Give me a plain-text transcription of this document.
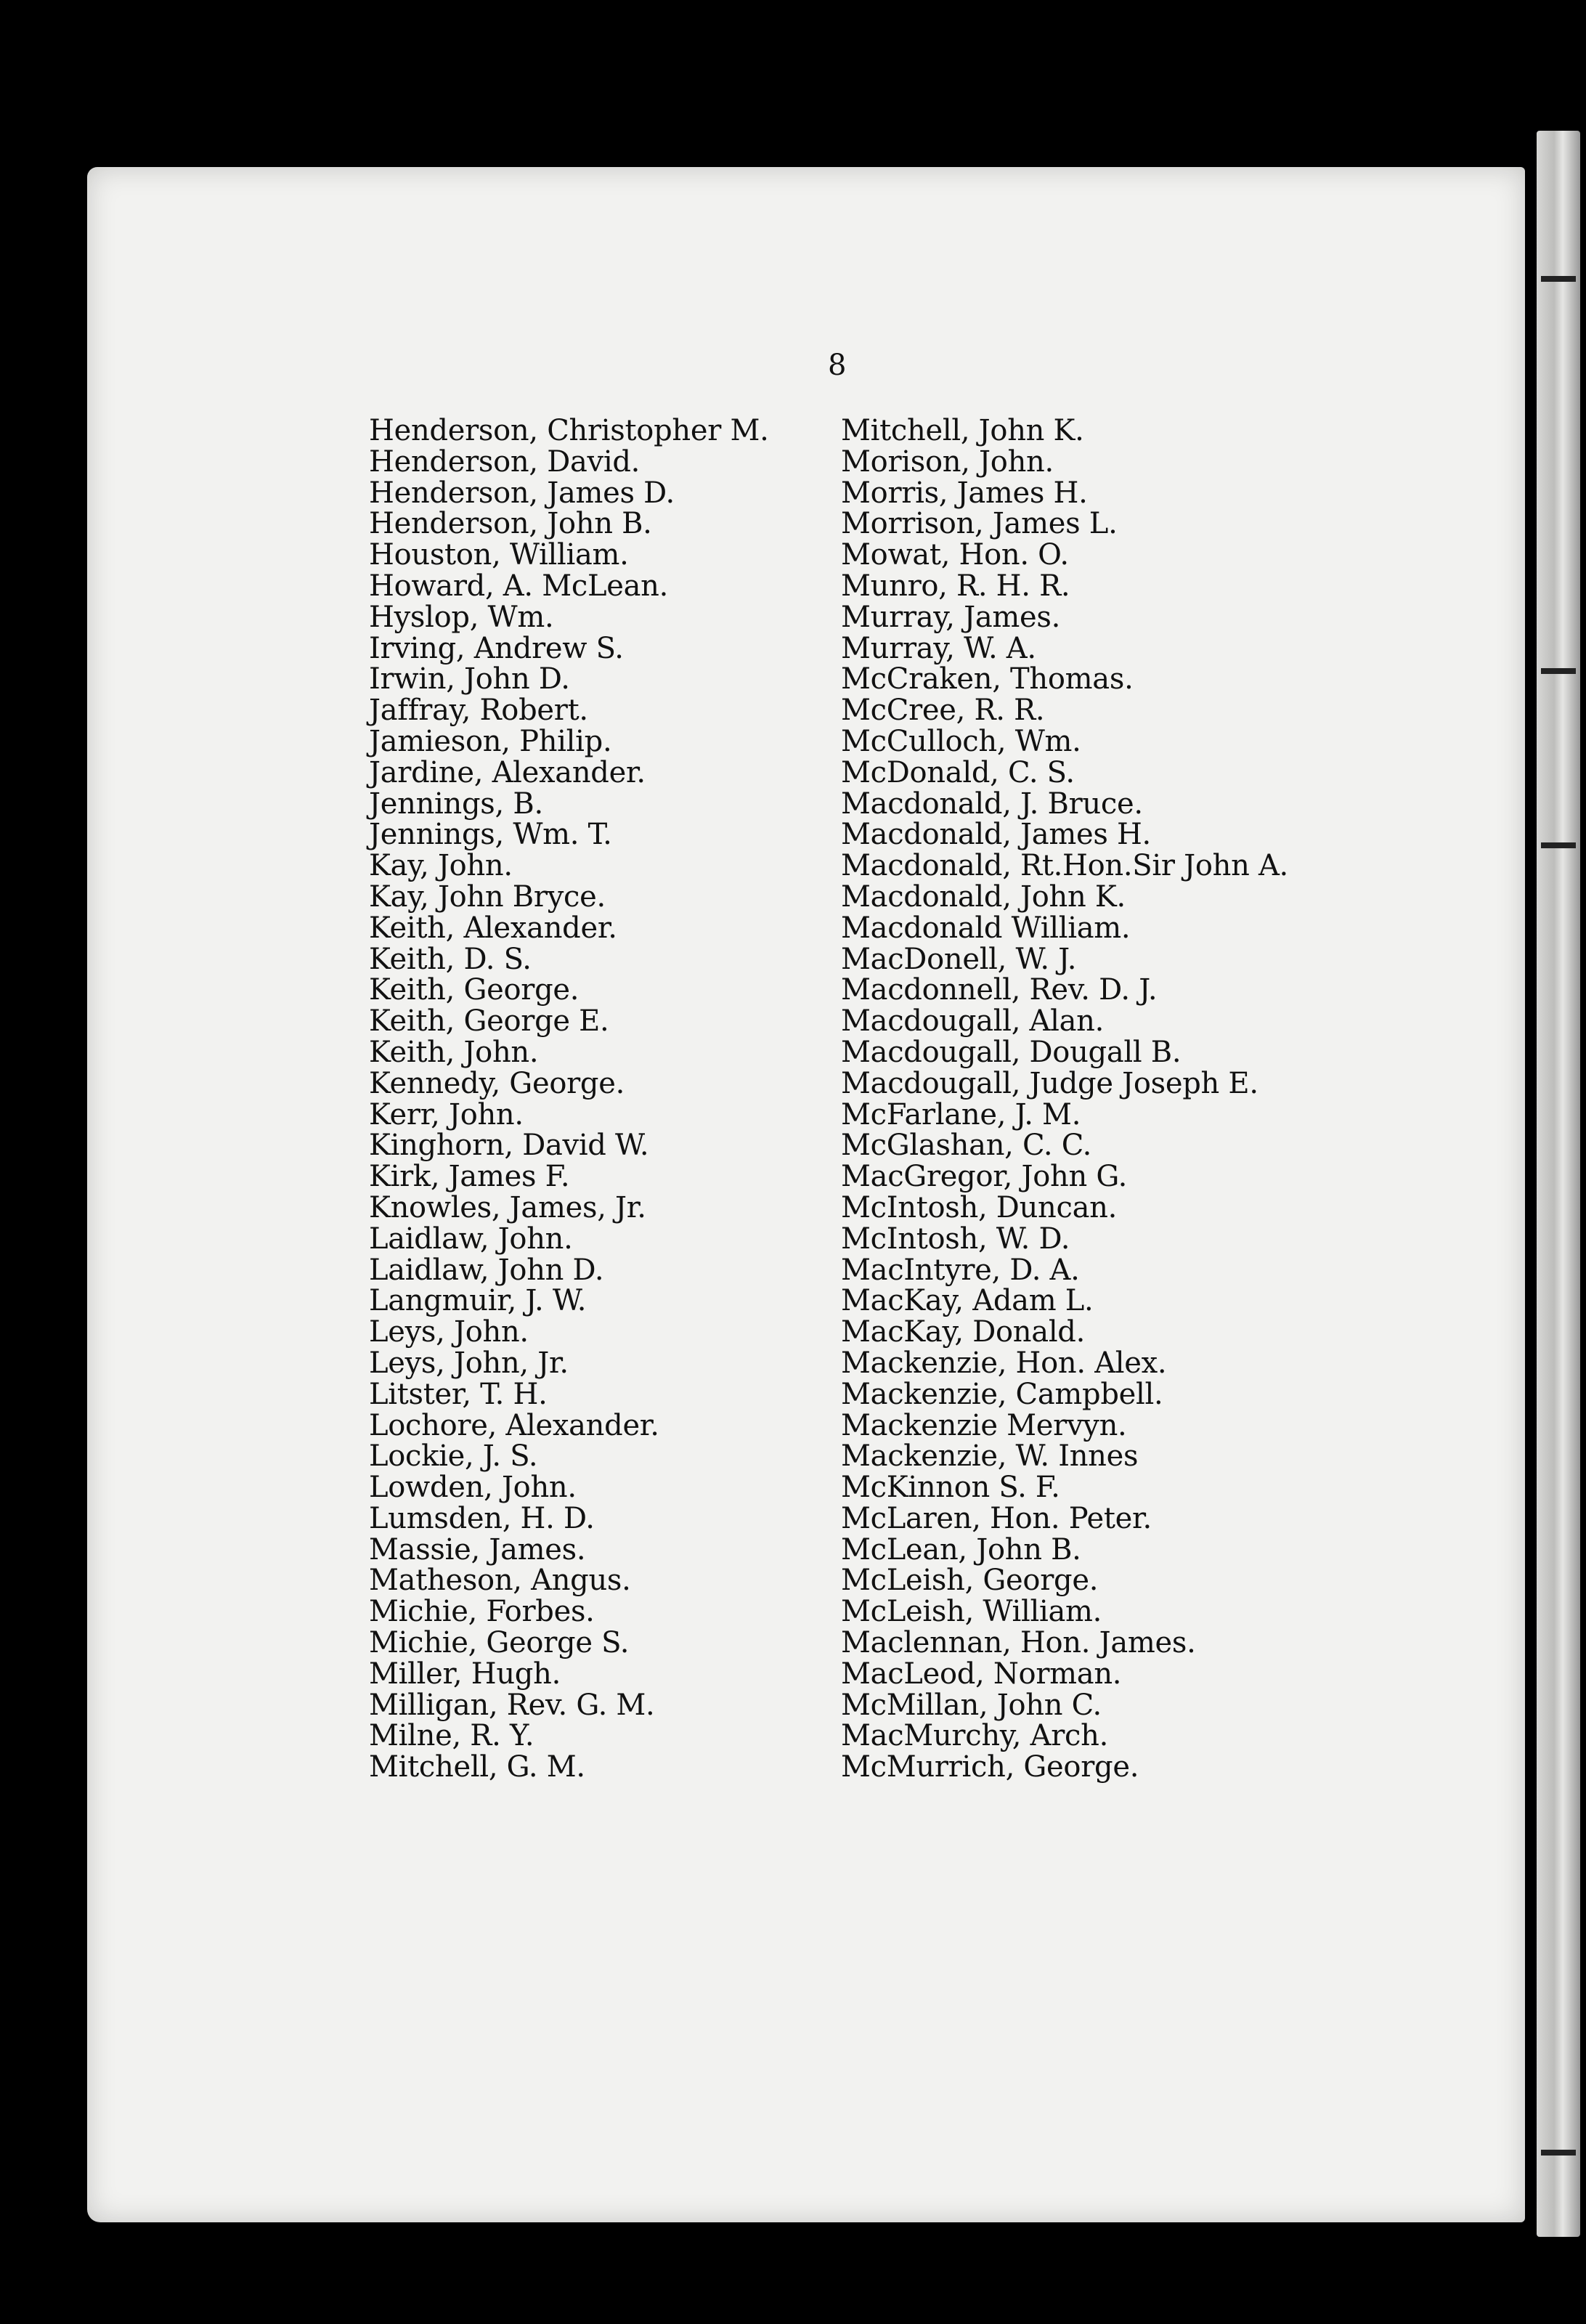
8
Henderson, Christopher M.
Henderson, David.
Henderson, James D.
Henderson, John B.
Houston, William.
Howard, A. McLean.
Hyslop, Wm.
Irving, Andrew S.
Irwin, John D.
Jaffray, Robert.
Jamieson, Philip.
Jardine, Alexander.
Jennings, B.
Jennings, Wm. T.
Kay, John.
Kay, John Bryce.
Keith, Alexander.
Keith, D. S.
Keith, George.
Keith, George E.
Keith, John.
Kennedy, George.
Kerr, John.
Kinghorn, David W.
Kirk, James F.
Knowles, James, Jr.
Laidlaw, John.
Laidlaw, John D.
Langmuir, J. W.
Leys, John.
Leys, John, Jr.
Litster, T. H.
Lochore, Alexander.
Lockie, J. S.
Lowden, John.
Lumsden, H. D.
Massie, James.
Matheson, Angus.
Michie, Forbes.
Michie, George S.
Miller, Hugh.
Milligan, Rev. G. M.
Milne, R. Y.
Mitchell, G. M.
Mitchell, John K.
Morison, John.
Morris, James H.
Morrison, James L.
Mowat, Hon. O.
Munro, R. H. R.
Murray, James.
Murray, W. A.
McCraken, Thomas.
McCree, R. R.
McCulloch, Wm.
McDonald, C. S.
Macdonald, J. Bruce.
Macdonald, James H.
Macdonald, Rt.Hon.Sir John A.
Macdonald, John K.
Macdonald William.
MacDonell, W. J.
Macdonnell, Rev. D. J.
Macdougall, Alan.
Macdougall, Dougall B.
Macdougall, Judge Joseph E.
McFarlane, J. M.
McGlashan, C. C.
MacGregor, John G.
McIntosh, Duncan.
McIntosh, W. D.
MacIntyre, D. A.
MacKay, Adam L.
MacKay, Donald.
Mackenzie, Hon. Alex.
Mackenzie, Campbell.
Mackenzie Mervyn.
Mackenzie, W. Innes
McKinnon S. F.
McLaren, Hon. Peter.
McLean, John B.
McLeish, George.
McLeish, William.
Maclennan, Hon. James.
MacLeod, Norman.
McMillan, John C.
MacMurchy, Arch.
McMurrich, George.
